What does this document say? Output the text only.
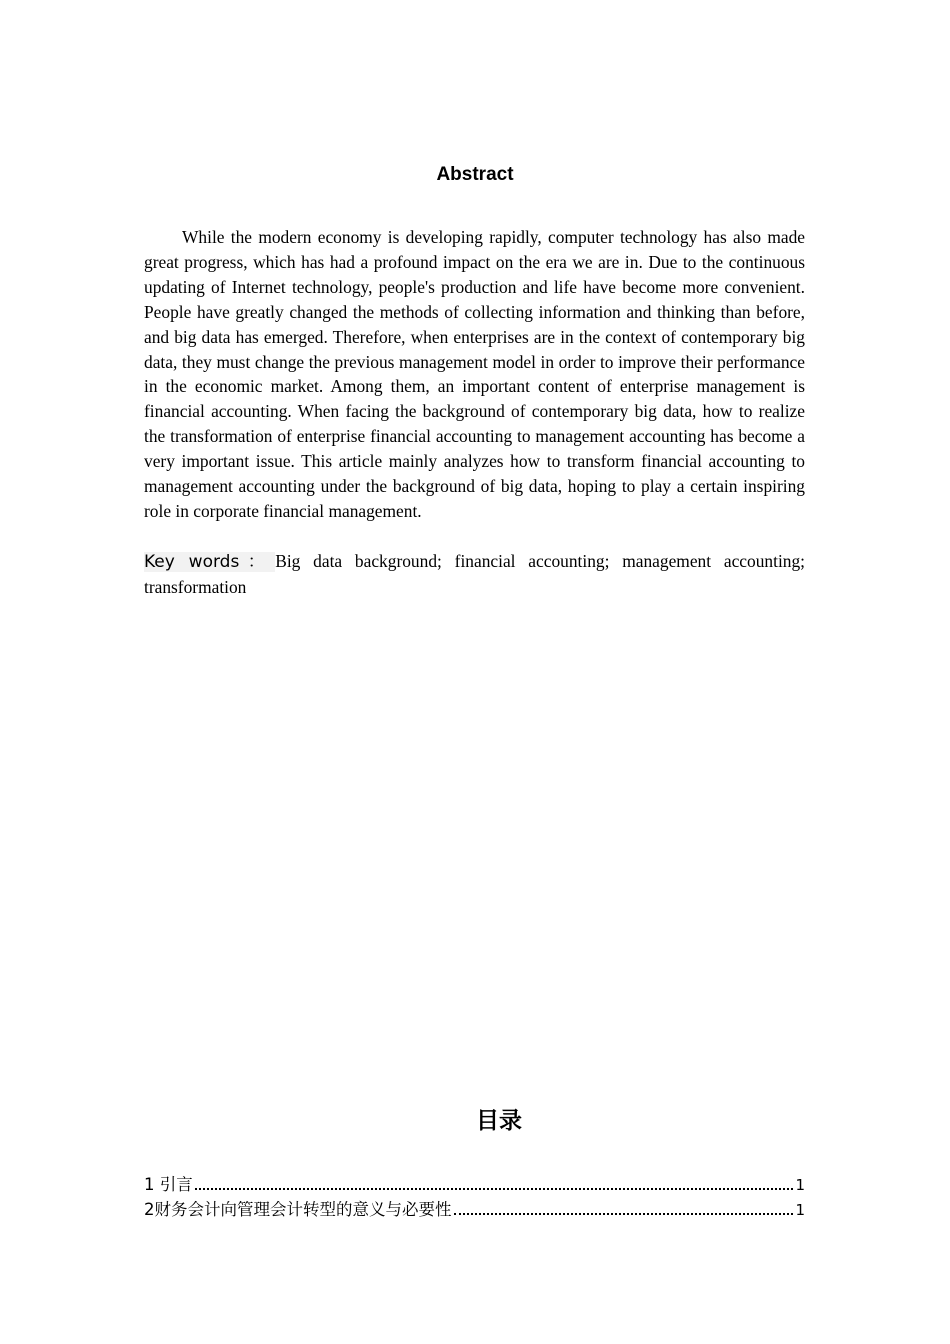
Abstract

While the modern economy is developing rapidly, computer technology has also made great progress, which has had a profound impact on the era we are in. Due to the continuous updating of Internet technology, people's production and life have become more convenient. People have greatly changed the methods of collecting information and thinking than before, and big data has emerged. Therefore, when enterprises are in the context of contemporary big data, they must change the previous management model in order to improve their performance in the economic market. Among them, an important content of enterprise management is financial accounting. When facing the background of contemporary big data, how to realize the transformation of enterprise financial accounting to management accounting has become a very important issue. This article mainly analyzes how to transform financial accounting to management accounting under the background of big data, hoping to play a certain inspiring role in corporate financial management.

Key words： Big data background; financial accounting; management accounting; transformation

目录
1 引言	1
2财务会计向管理会计转型的意义与必要性	1
